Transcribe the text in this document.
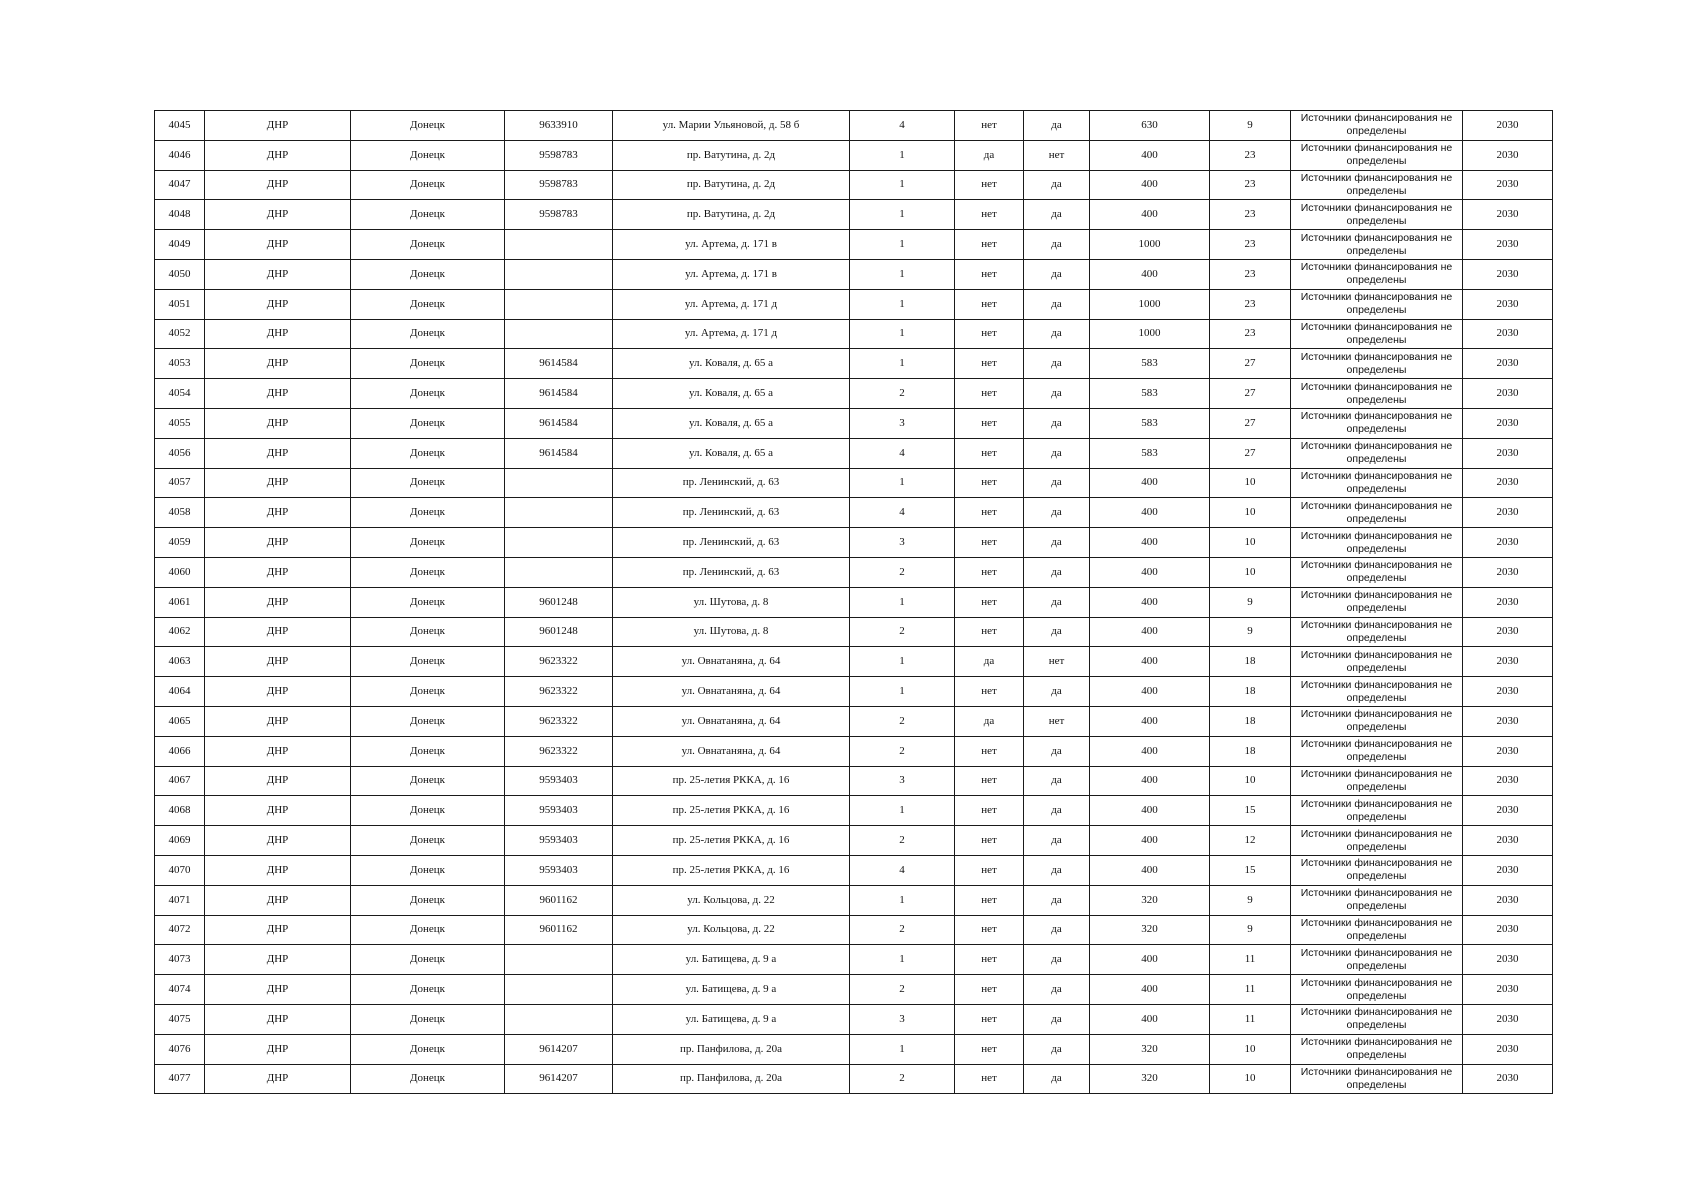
4045	ДНР	Донецк	9633910	ул. Марии Ульяновой, д. 58 б	4	нет	да	630	9	Источники финансирования не определены	2030
4046	ДНР	Донецк	9598783	пр. Ватутина, д. 2д	1	да	нет	400	23	Источники финансирования не определены	2030
4047	ДНР	Донецк	9598783	пр. Ватутина, д. 2д	1	нет	да	400	23	Источники финансирования не определены	2030
4048	ДНР	Донецк	9598783	пр. Ватутина, д. 2д	1	нет	да	400	23	Источники финансирования не определены	2030
4049	ДНР	Донецк		ул. Артема, д. 171 в	1	нет	да	1000	23	Источники финансирования не определены	2030
4050	ДНР	Донецк		ул. Артема, д. 171 в	1	нет	да	400	23	Источники финансирования не определены	2030
4051	ДНР	Донецк		ул. Артема, д. 171 д	1	нет	да	1000	23	Источники финансирования не определены	2030
4052	ДНР	Донецк		ул. Артема, д. 171 д	1	нет	да	1000	23	Источники финансирования не определены	2030
4053	ДНР	Донецк	9614584	ул. Коваля, д. 65 а	1	нет	да	583	27	Источники финансирования не определены	2030
4054	ДНР	Донецк	9614584	ул. Коваля, д. 65 а	2	нет	да	583	27	Источники финансирования не определены	2030
4055	ДНР	Донецк	9614584	ул. Коваля, д. 65 а	3	нет	да	583	27	Источники финансирования не определены	2030
4056	ДНР	Донецк	9614584	ул. Коваля, д. 65 а	4	нет	да	583	27	Источники финансирования не определены	2030
4057	ДНР	Донецк		пр. Ленинский, д. 63	1	нет	да	400	10	Источники финансирования не определены	2030
4058	ДНР	Донецк		пр. Ленинский, д. 63	4	нет	да	400	10	Источники финансирования не определены	2030
4059	ДНР	Донецк		пр. Ленинский, д. 63	3	нет	да	400	10	Источники финансирования не определены	2030
4060	ДНР	Донецк		пр. Ленинский, д. 63	2	нет	да	400	10	Источники финансирования не определены	2030
4061	ДНР	Донецк	9601248	ул. Шутова, д. 8	1	нет	да	400	9	Источники финансирования не определены	2030
4062	ДНР	Донецк	9601248	ул. Шутова, д. 8	2	нет	да	400	9	Источники финансирования не определены	2030
4063	ДНР	Донецк	9623322	ул. Овнатаняна, д. 64	1	да	нет	400	18	Источники финансирования не определены	2030
4064	ДНР	Донецк	9623322	ул. Овнатаняна, д. 64	1	нет	да	400	18	Источники финансирования не определены	2030
4065	ДНР	Донецк	9623322	ул. Овнатаняна, д. 64	2	да	нет	400	18	Источники финансирования не определены	2030
4066	ДНР	Донецк	9623322	ул. Овнатаняна, д. 64	2	нет	да	400	18	Источники финансирования не определены	2030
4067	ДНР	Донецк	9593403	пр. 25-летия РККА, д. 16	3	нет	да	400	10	Источники финансирования не определены	2030
4068	ДНР	Донецк	9593403	пр. 25-летия РККА, д. 16	1	нет	да	400	15	Источники финансирования не определены	2030
4069	ДНР	Донецк	9593403	пр. 25-летия РККА, д. 16	2	нет	да	400	12	Источники финансирования не определены	2030
4070	ДНР	Донецк	9593403	пр. 25-летия РККА, д. 16	4	нет	да	400	15	Источники финансирования не определены	2030
4071	ДНР	Донецк	9601162	ул. Кольцова, д. 22	1	нет	да	320	9	Источники финансирования не определены	2030
4072	ДНР	Донецк	9601162	ул. Кольцова, д. 22	2	нет	да	320	9	Источники финансирования не определены	2030
4073	ДНР	Донецк		ул. Батищева, д. 9 а	1	нет	да	400	11	Источники финансирования не определены	2030
4074	ДНР	Донецк		ул. Батищева, д. 9 а	2	нет	да	400	11	Источники финансирования не определены	2030
4075	ДНР	Донецк		ул. Батищева, д. 9 а	3	нет	да	400	11	Источники финансирования не определены	2030
4076	ДНР	Донецк	9614207	пр. Панфилова, д. 20а	1	нет	да	320	10	Источники финансирования не определены	2030
4077	ДНР	Донецк	9614207	пр. Панфилова, д. 20а	2	нет	да	320	10	Источники финансирования не определены	2030
